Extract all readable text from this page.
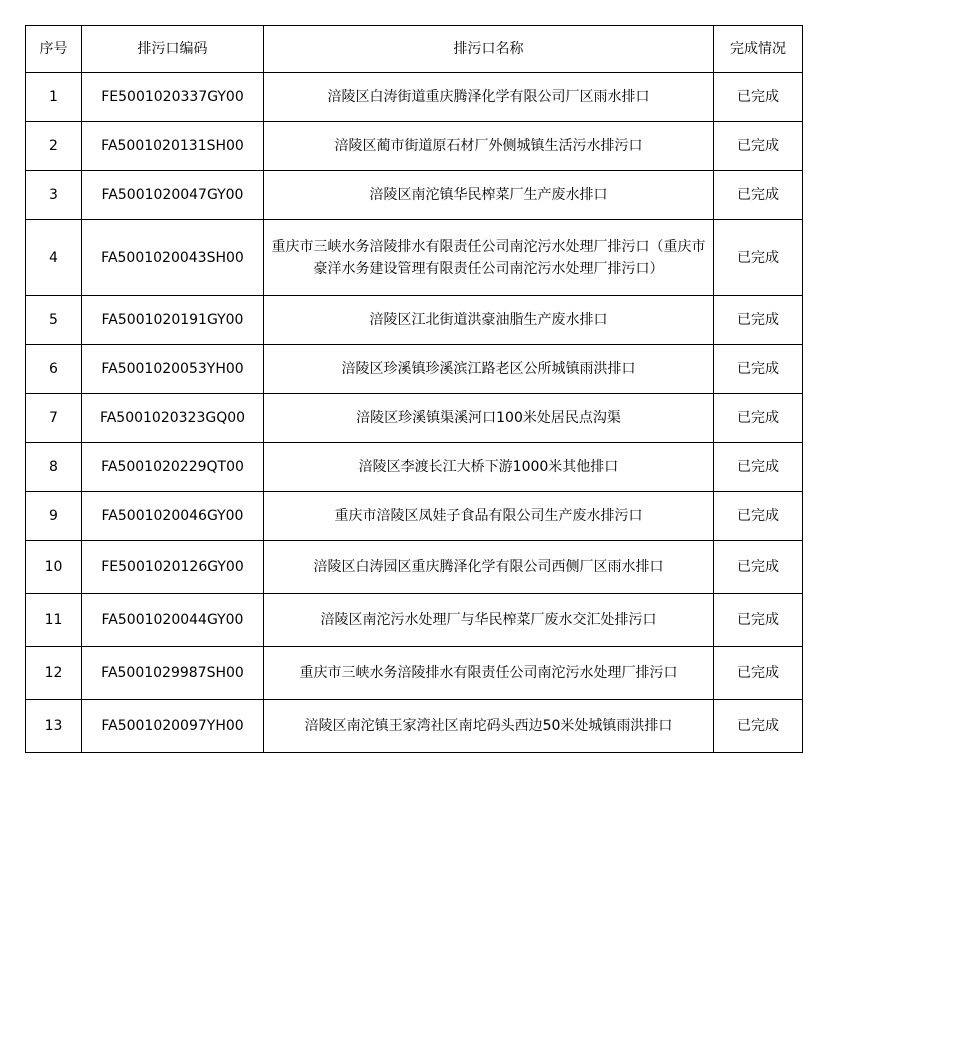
序号	排污口编码	排污口名称	完成情况
1	FE5001020337GY00	涪陵区白涛街道重庆腾泽化学有限公司厂区雨水排口	已完成
2	FA5001020131SH00	涪陵区蔺市街道原石材厂外侧城镇生活污水排污口	已完成
3	FA5001020047GY00	涪陵区南沱镇华民榨菜厂生产废水排口	已完成
4	FA5001020043SH00	重庆市三峡水务涪陵排水有限责任公司南沱污水处理厂排污口（重庆市豪洋水务建设管理有限责任公司南沱污水处理厂排污口）	已完成
5	FA5001020191GY00	涪陵区江北街道洪豪油脂生产废水排口	已完成
6	FA5001020053YH00	涪陵区珍溪镇珍溪滨江路老区公所城镇雨洪排口	已完成
7	FA5001020323GQ00	涪陵区珍溪镇渠溪河口100米处居民点沟渠	已完成
8	FA5001020229QT00	涪陵区李渡长江大桥下游1000米其他排口	已完成
9	FA5001020046GY00	重庆市涪陵区凤娃子食品有限公司生产废水排污口	已完成
10	FE5001020126GY00	涪陵区白涛园区重庆腾泽化学有限公司西侧厂区雨水排口	已完成
11	FA5001020044GY00	涪陵区南沱污水处理厂与华民榨菜厂废水交汇处排污口	已完成
12	FA5001029987SH00	重庆市三峡水务涪陵排水有限责任公司南沱污水处理厂排污口	已完成
13	FA5001020097YH00	涪陵区南沱镇王家湾社区南坨码头西边50米处城镇雨洪排口	已完成
